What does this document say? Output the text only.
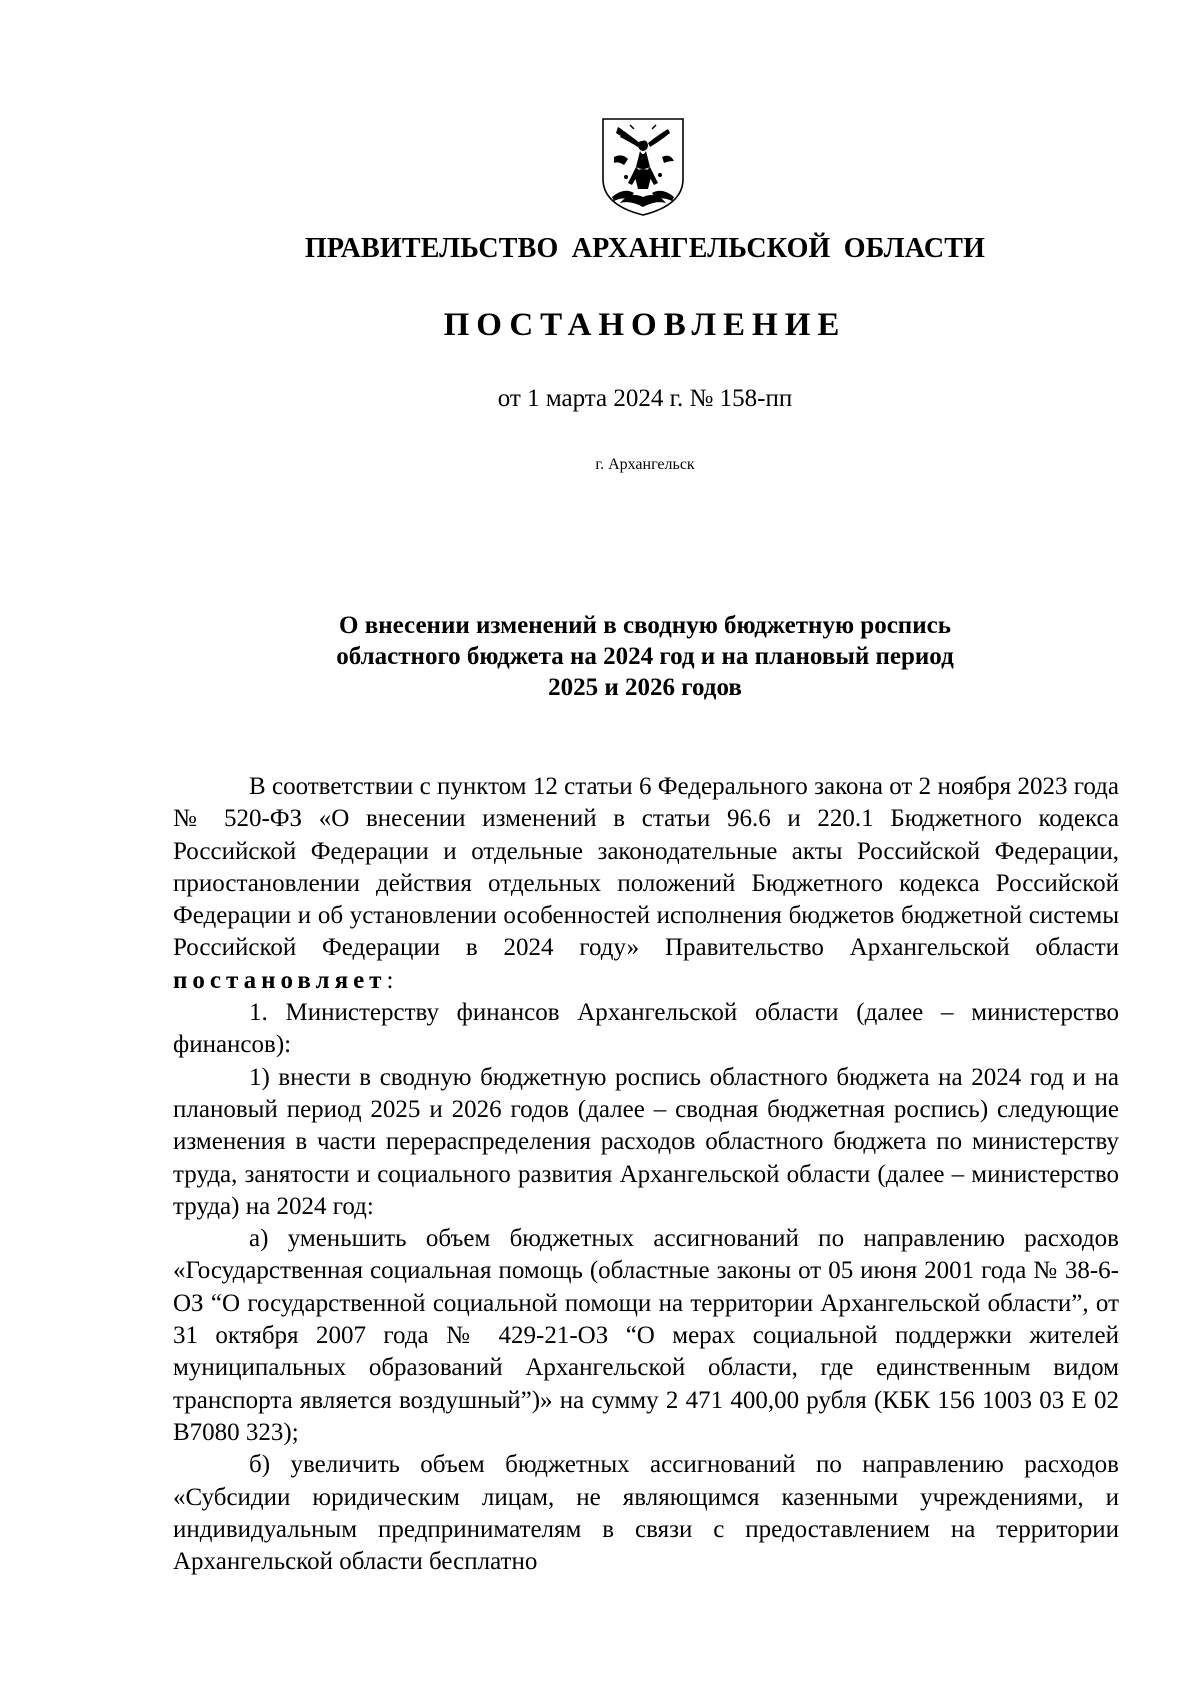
ПРАВИТЕЛЬСТВО АРХАНГЕЛЬСКОЙ ОБЛАСТИ
ПОСТАНОВЛЕНИЕ
от 1 марта 2024 г. № 158-пп
г. Архангельск
О внесении изменений в сводную бюджетную роспись
областного бюджета на 2024 год и на плановый период
2025 и 2026 годов

В соответствии с пунктом 12 статьи 6 Федерального закона от 2 ноября 2023 года № 520-ФЗ «О внесении изменений в статьи 96.6 и 220.1 Бюджетного кодекса Российской Федерации и отдельные законодательные акты Российской Федерации, приостановлении действия отдельных положений Бюджетного кодекса Российской Федерации и об установлении особенностей исполнения бюджетов бюджетной системы Российской Федерации в 2024 году» Правительство Архангельской области постановляет:

1. Министерству финансов Архангельской области (далее – министерство финансов):

1) внести в сводную бюджетную роспись областного бюджета на 2024 год и на плановый период 2025 и 2026 годов (далее – сводная бюджетная роспись) следующие изменения в части перераспределения расходов областного бюджета по министерству труда, занятости и социального развития Архангельской области (далее – министерство труда) на 2024 год:

а) уменьшить объем бюджетных ассигнований по направлению расходов «Государственная социальная помощь (областные законы от 05 июня 2001 года № 38-6-ОЗ “О государственной социальной помощи на территории Архангельской области”, от 31 октября 2007 года № 429-21-ОЗ “О мерах социальной поддержки жителей муниципальных образований Архангельской области, где единственным видом транспорта является воздушный”)» на сумму 2 471 400,00 рубля (КБК 156 1003 03 Е 02 В7080 323);

б) увеличить объем бюджетных ассигнований по направлению расходов «Субсидии юридическим лицам, не являющимся казенными учреждениями, и индивидуальным предпринимателям в связи с предоставлением на территории Архангельской области бесплатно
